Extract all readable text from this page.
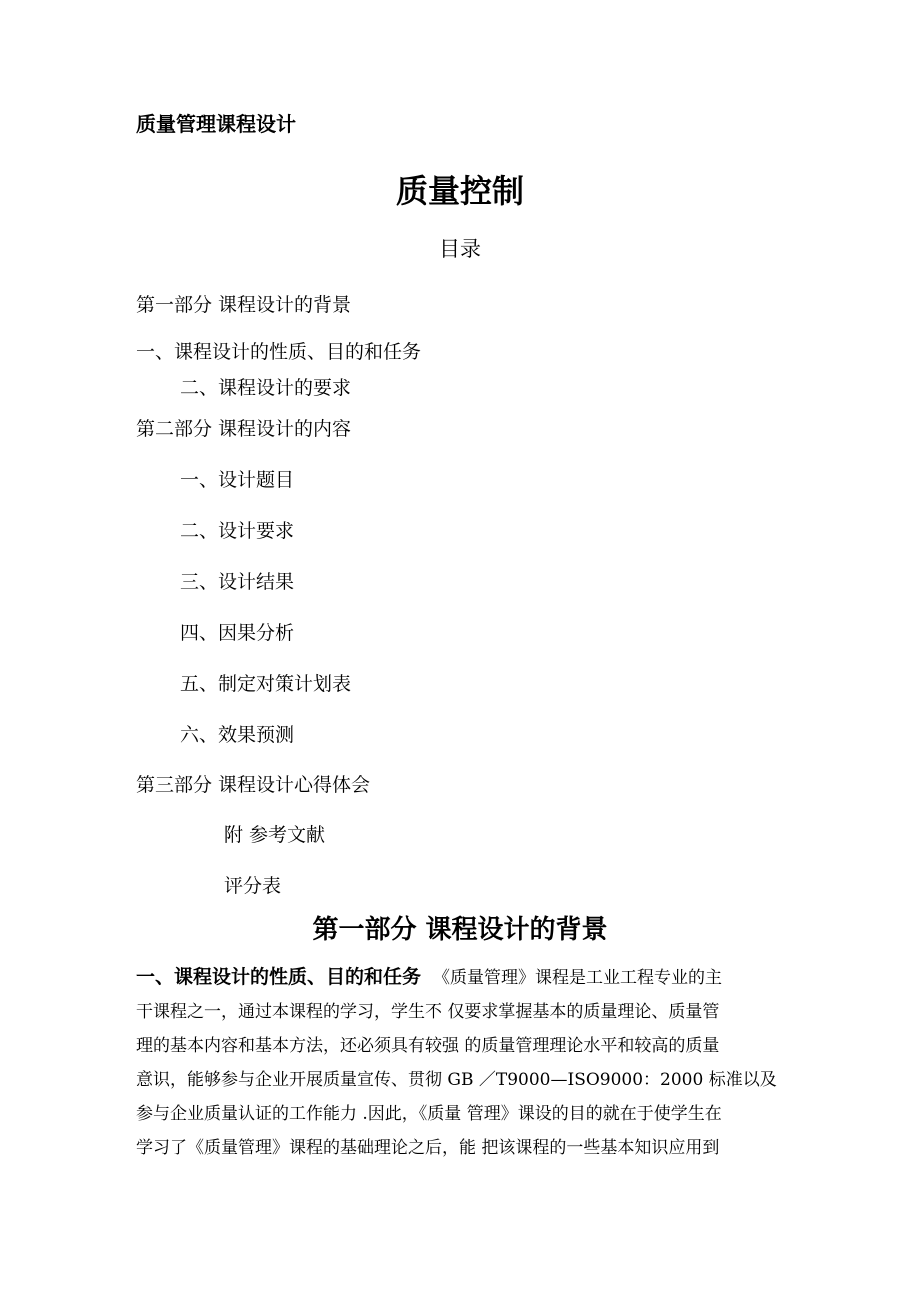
质量管理课程设计
质量控制
目录
第一部分 课程设计的背景
一、课程设计的性质、目的和任务
二、课程设计的要求
第二部分 课程设计的内容
一、设计题目
二、设计要求
三、设计结果
四、因果分析
五、制定对策计划表
六、效果预测
第三部分 课程设计心得体会
附 参考文献
评分表
第一部分 课程设计的背景
一、课程设计的性质、目的和任务 《质量管理》课程是工业工程专业的主
干课程之一，通过本课程的学习，学生不 仅要求掌握基本的质量理论、质量管
理的基本内容和基本方法，还必须具有较强 的质量管理理论水平和较高的质量
意识，能够参与企业开展质量宣传、贯彻 GB ／T9000—ISO9000：2000 标准以及
参与企业质量认证的工作能力 .因此，《质量 管理》课设的目的就在于使学生在
学习了《质量管理》课程的基础理论之后，能 把该课程的一些基本知识应用到
